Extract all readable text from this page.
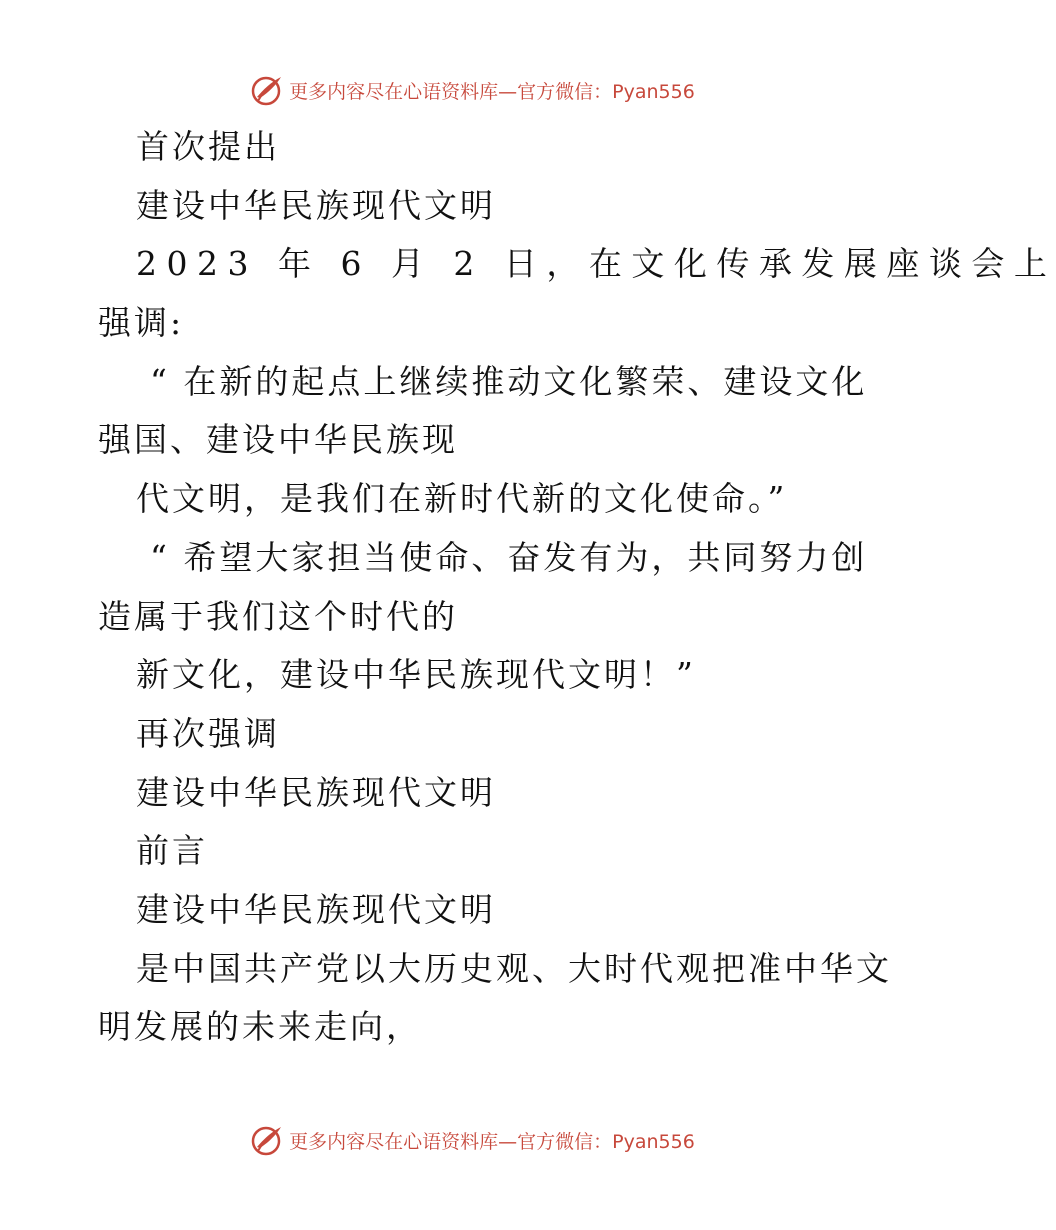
更多内容尽在心语资料库—官方微信：Pyan556
首次提出
建设中华民族现代文明
2023 年 6 月 2 日，在文化传承发展座谈会上
强调:
“ 在新的起点上继续推动文化繁荣、建设文化
强国、建设中华民族现
代文明，是我们在新时代新的文化使命。”
“ 希望大家担当使命、奋发有为，共同努力创
造属于我们这个时代的
新文化，建设中华民族现代文明！”
再次强调
建设中华民族现代文明
前言
建设中华民族现代文明
是中国共产党以大历史观、大时代观把准中华文
明发展的未来走向，
更多内容尽在心语资料库—官方微信：Pyan556
